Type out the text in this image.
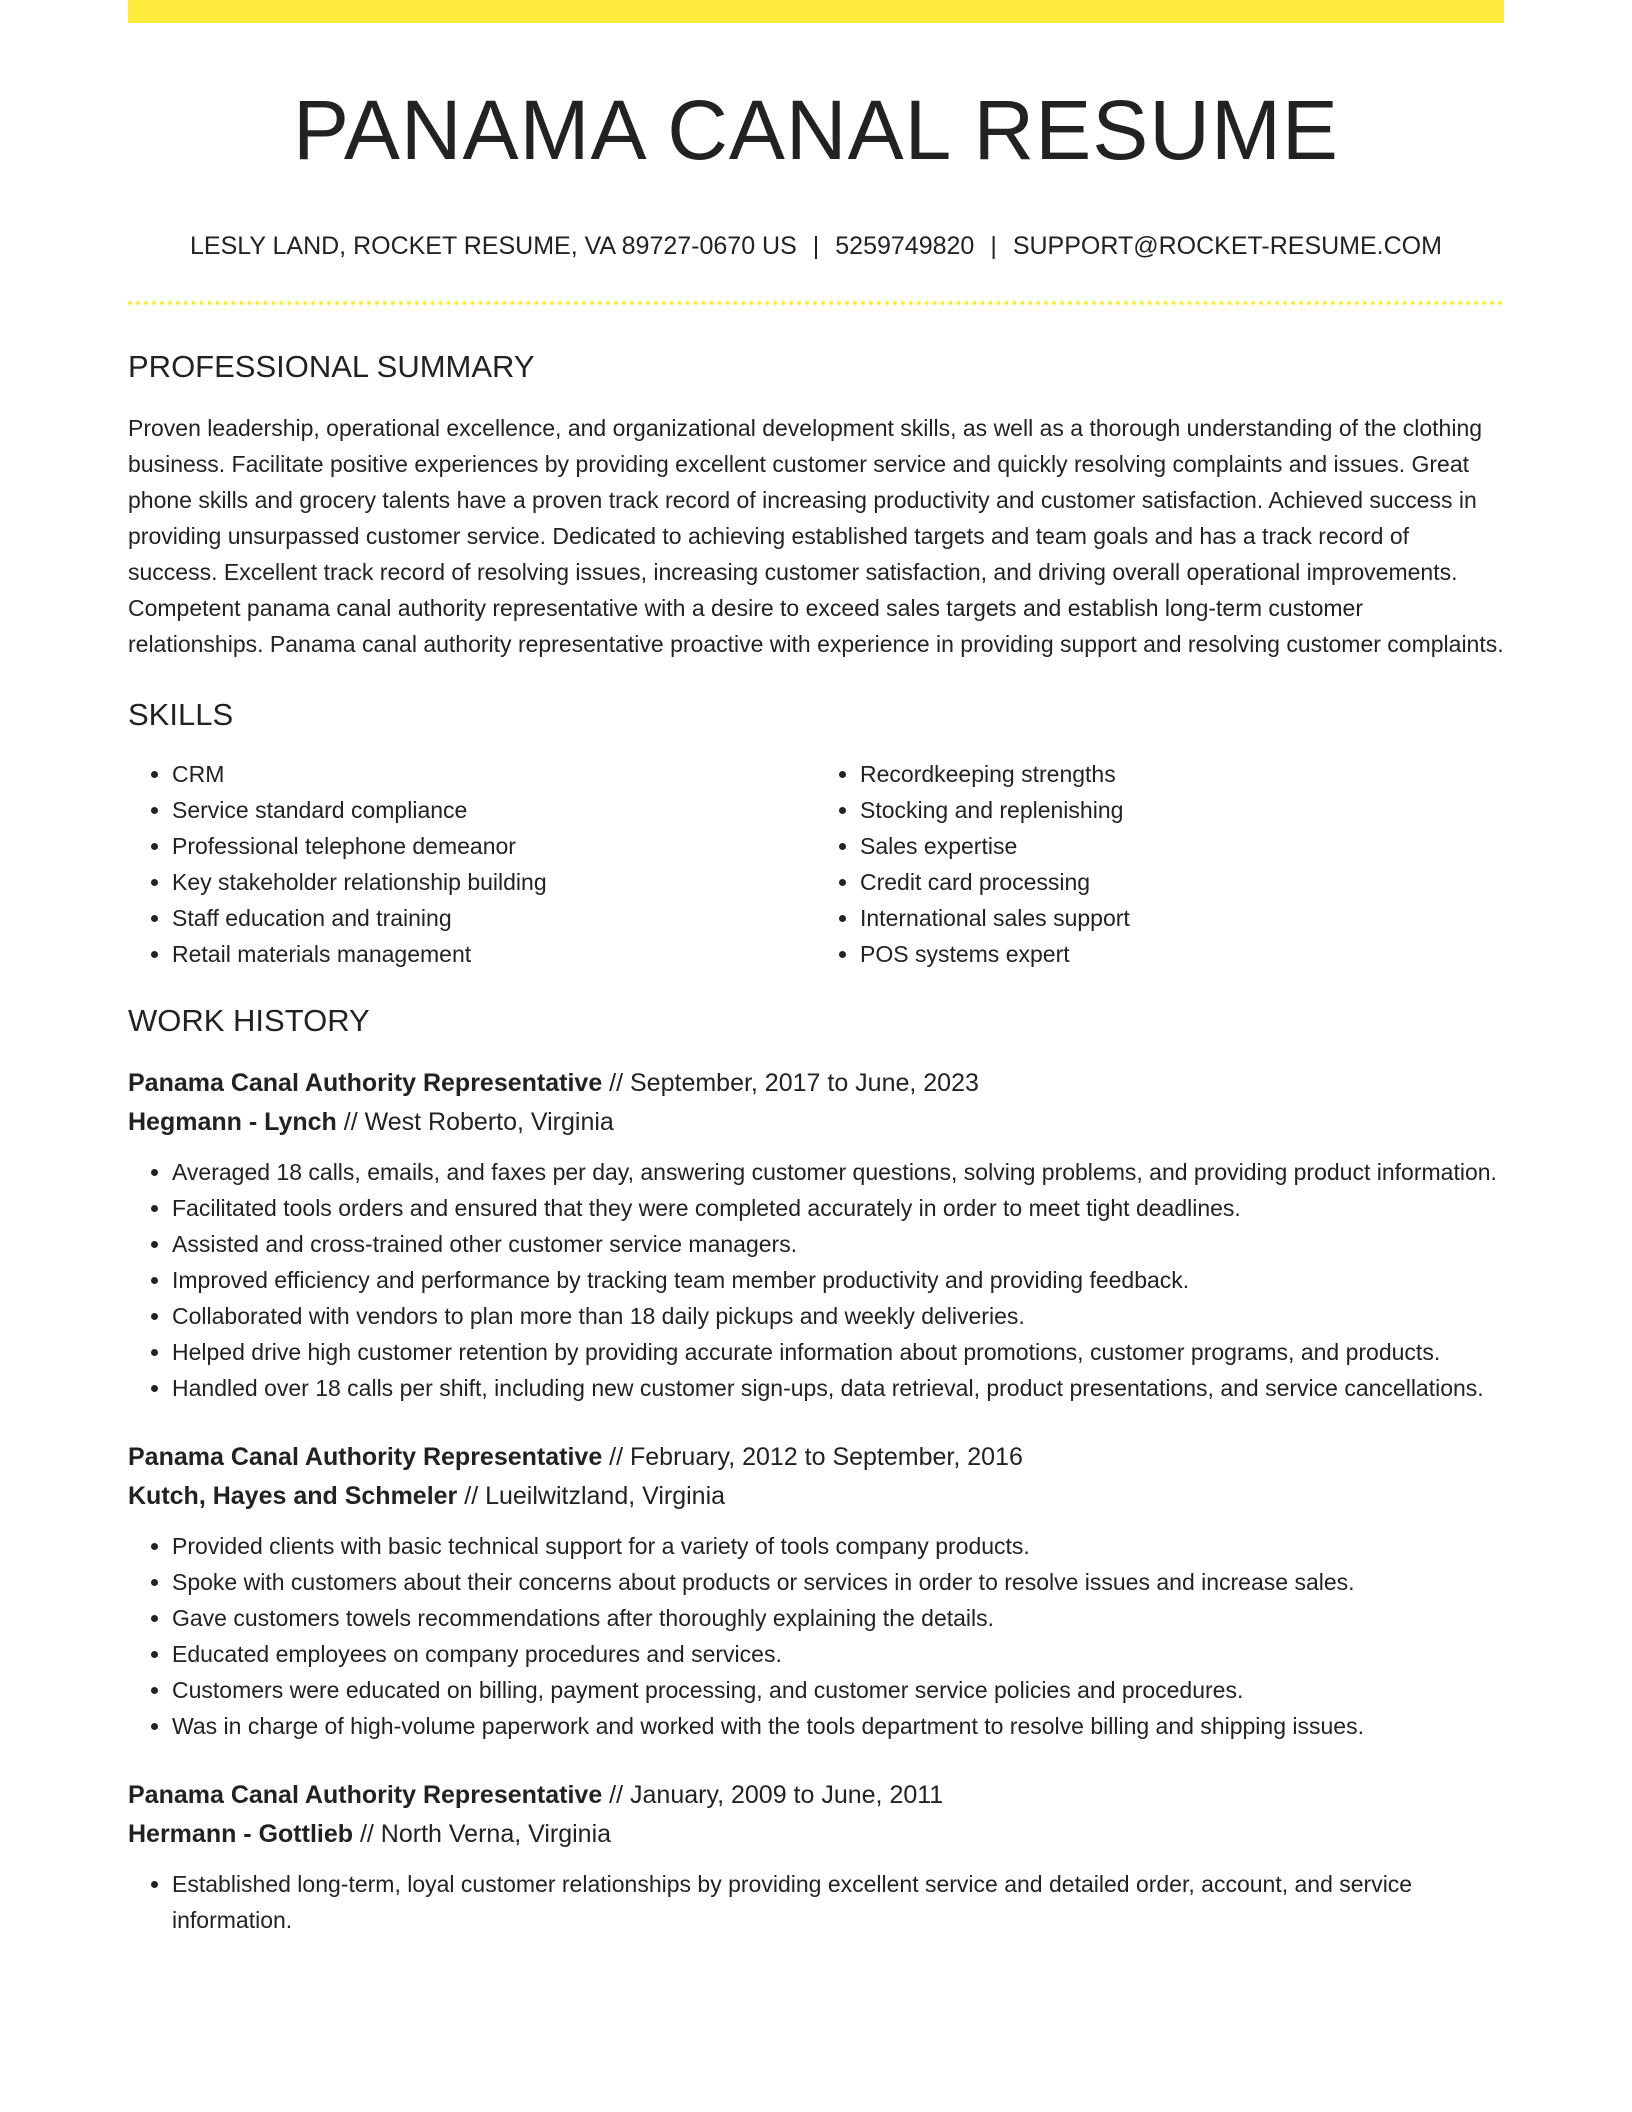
PANAMA CANAL RESUME
LESLY LAND, ROCKET RESUME, VA 89727-0670 US | 5259749820 | SUPPORT@ROCKET-RESUME.COM
PROFESSIONAL SUMMARY

Proven leadership, operational excellence, and organizational development skills, as well as a thorough understanding of the clothing business. Facilitate positive experiences by providing excellent customer service and quickly resolving complaints and issues. Great phone skills and grocery talents have a proven track record of increasing productivity and customer satisfaction. Achieved success in providing unsurpassed customer service. Dedicated to achieving established targets and team goals and has a track record of success. Excellent track record of resolving issues, increasing customer satisfaction, and driving overall operational improvements. Competent panama canal authority representative with a desire to exceed sales targets and establish long-term customer relationships. Panama canal authority representative proactive with experience in providing support and resolving customer complaints.

SKILLS
• CRM
• Service standard compliance
• Professional telephone demeanor
• Key stakeholder relationship building
• Staff education and training
• Retail materials management
• Recordkeeping strengths
• Stocking and replenishing
• Sales expertise
• Credit card processing
• International sales support
• POS systems expert
WORK HISTORY
Panama Canal Authority Representative // September, 2017 to June, 2023
Hegmann - Lynch // West Roberto, Virginia
• Averaged 18 calls, emails, and faxes per day, answering customer questions, solving problems, and providing product information.
• Facilitated tools orders and ensured that they were completed accurately in order to meet tight deadlines.
• Assisted and cross-trained other customer service managers.
• Improved efficiency and performance by tracking team member productivity and providing feedback.
• Collaborated with vendors to plan more than 18 daily pickups and weekly deliveries.
• Helped drive high customer retention by providing accurate information about promotions, customer programs, and products.
• Handled over 18 calls per shift, including new customer sign-ups, data retrieval, product presentations, and service cancellations.
Panama Canal Authority Representative // February, 2012 to September, 2016
Kutch, Hayes and Schmeler // Lueilwitzland, Virginia
• Provided clients with basic technical support for a variety of tools company products.
• Spoke with customers about their concerns about products or services in order to resolve issues and increase sales.
• Gave customers towels recommendations after thoroughly explaining the details.
• Educated employees on company procedures and services.
• Customers were educated on billing, payment processing, and customer service policies and procedures.
• Was in charge of high-volume paperwork and worked with the tools department to resolve billing and shipping issues.
Panama Canal Authority Representative // January, 2009 to June, 2011
Hermann - Gottlieb // North Verna, Virginia
• Established long-term, loyal customer relationships by providing excellent service and detailed order, account, and service information.
